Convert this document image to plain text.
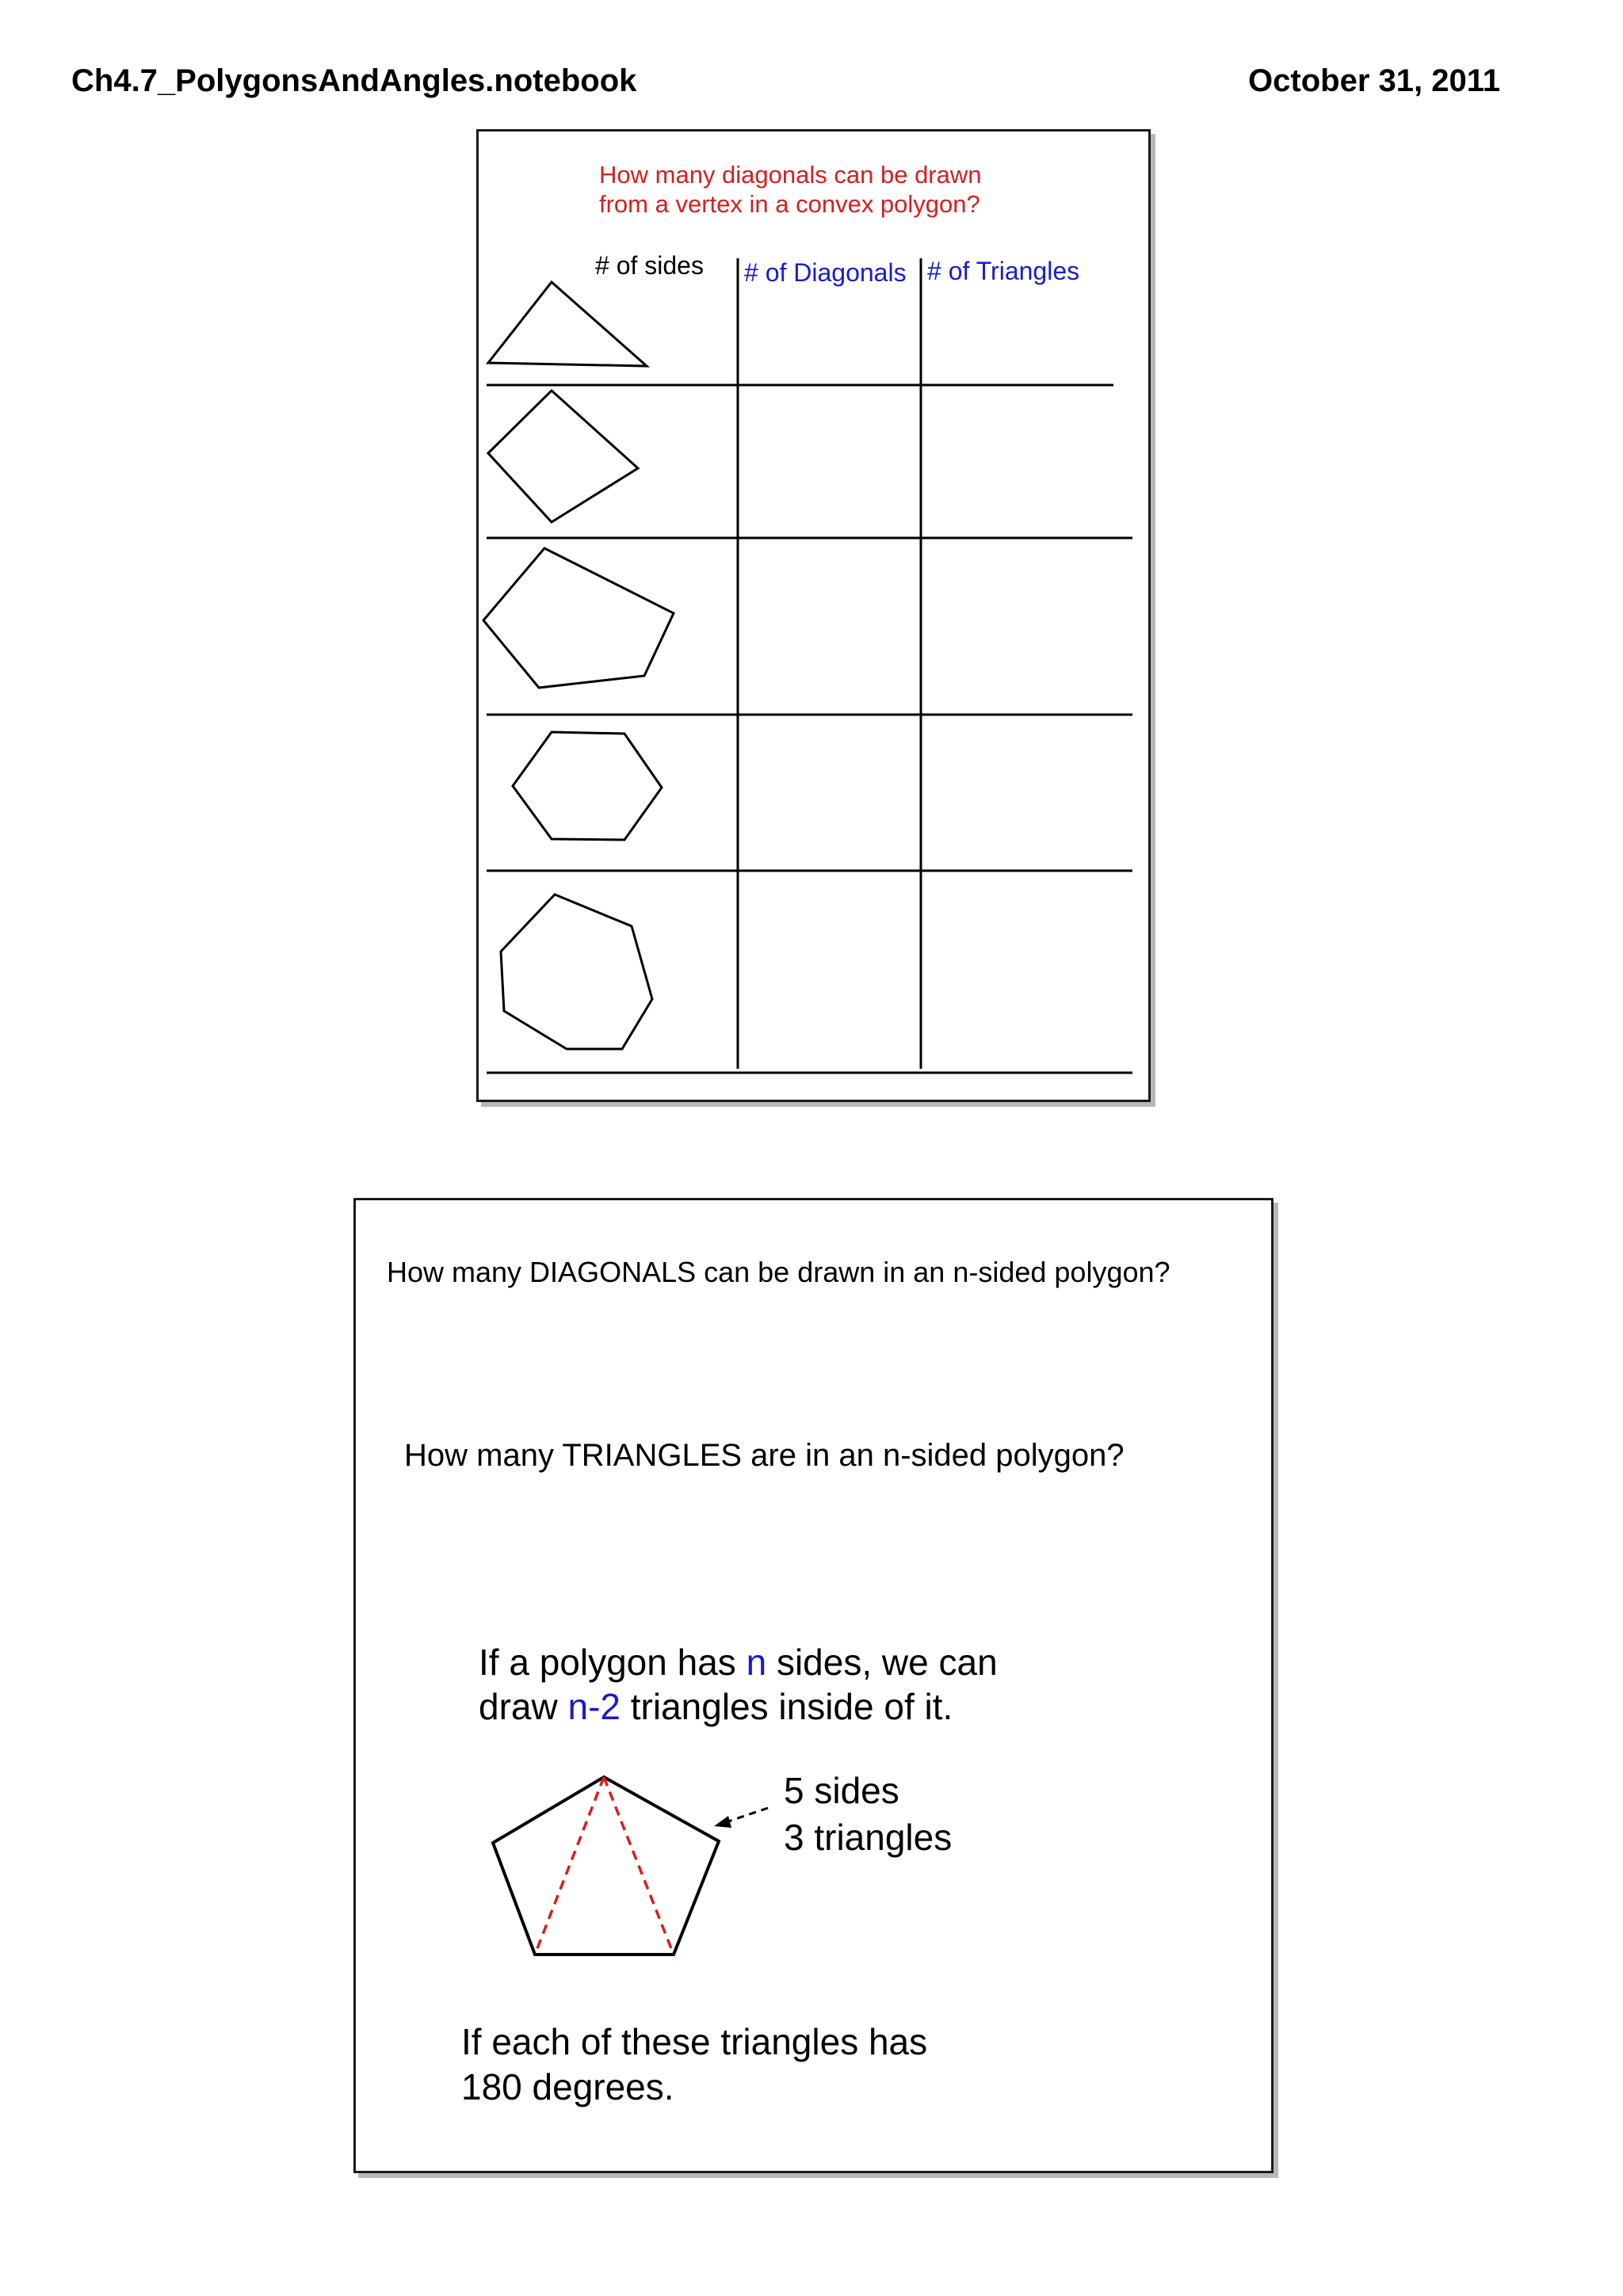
Ch4.7_PolygonsAndAngles.notebook	October 31, 2011
How many diagonals can be drawn
from a vertex in a convex polygon?
# of sides # of Diagonals # of Triangles
How many DIAGONALS can be drawn in an n-sided polygon?
How many TRIANGLES are in an n-sided polygon?
If a polygon has n sides, we can
draw n-2 triangles inside of it.
5 sides
3 triangles
If each of these triangles has
180 degrees.
